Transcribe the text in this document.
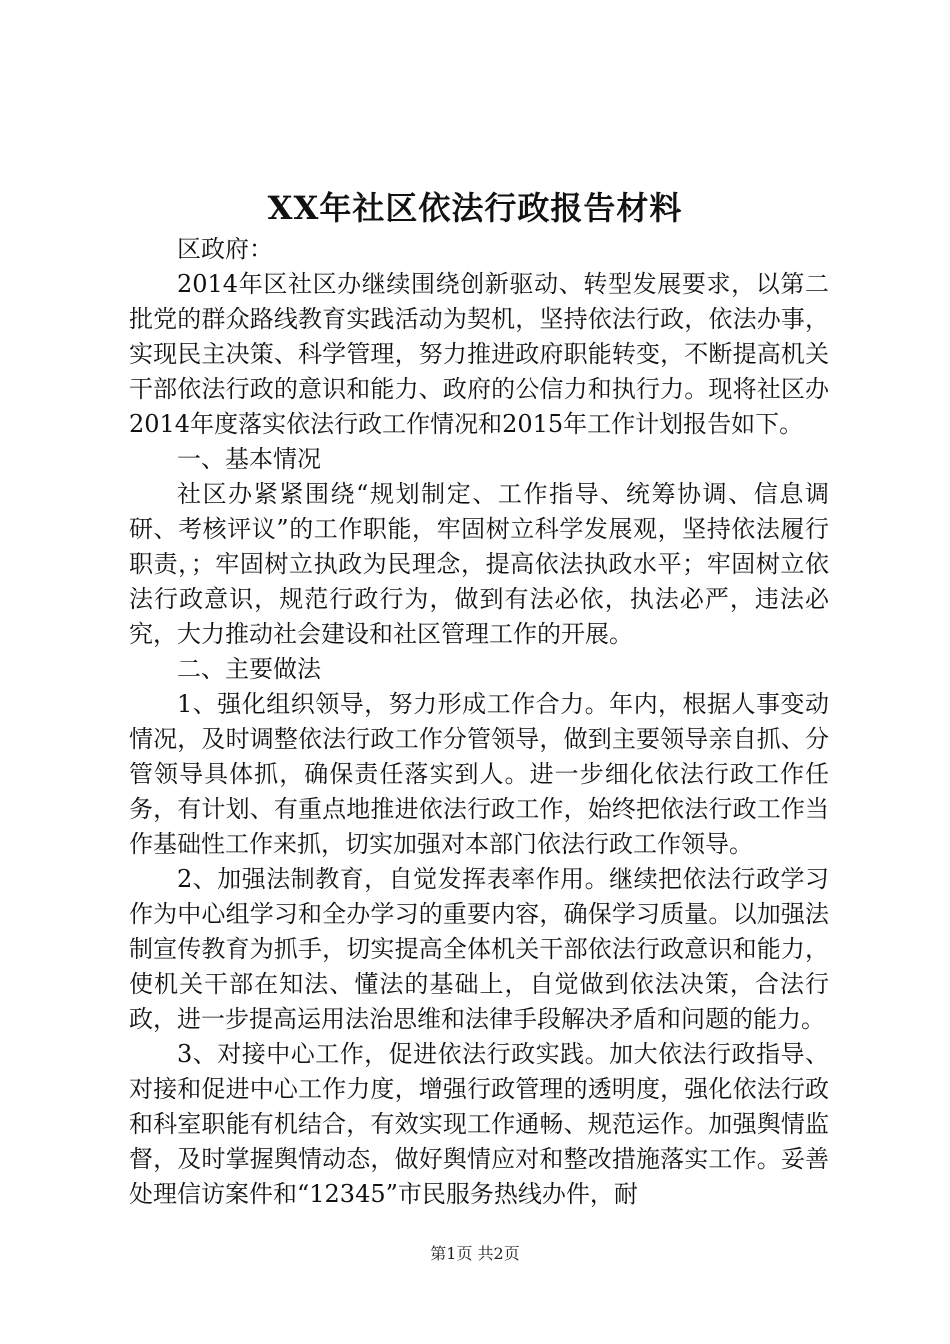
XX年社区依法行政报告材料

区政府：

2014年区社区办继续围绕创新驱动、转型发展要求，以第二批党的群众路线教育实践活动为契机，坚持依法行政，依法办事，实现民主决策、科学管理，努力推进政府职能转变，不断提高机关干部依法行政的意识和能力、政府的公信力和执行力。现将社区办2014年度落实依法行政工作情况和2015年工作计划报告如下。

一、基本情况

社区办紧紧围绕“规划制定、工作指导、统筹协调、信息调研、考核评议”的工作职能，牢固树立科学发展观，坚持依法履行职责，；牢固树立执政为民理念，提高依法执政水平；牢固树立依法行政意识，规范行政行为，做到有法必依，执法必严，违法必究，大力推动社会建设和社区管理工作的开展。

二、主要做法

1、强化组织领导，努力形成工作合力。年内，根据人事变动情况，及时调整依法行政工作分管领导，做到主要领导亲自抓、分管领导具体抓，确保责任落实到人。进一步细化依法行政工作任务，有计划、有重点地推进依法行政工作，始终把依法行政工作当作基础性工作来抓，切实加强对本部门依法行政工作领导。

2、加强法制教育，自觉发挥表率作用。继续把依法行政学习作为中心组学习和全办学习的重要内容，确保学习质量。以加强法制宣传教育为抓手，切实提高全体机关干部依法行政意识和能力，使机关干部在知法、懂法的基础上，自觉做到依法决策，合法行政，进一步提高运用法治思维和法律手段解决矛盾和问题的能力。

3、对接中心工作，促进依法行政实践。加大依法行政指导、对接和促进中心工作力度，增强行政管理的透明度，强化依法行政和科室职能有机结合，有效实现工作通畅、规范运作。加强舆情监督，及时掌握舆情动态，做好舆情应对和整改措施落实工作。妥善处理信访案件和“12345”市民服务热线办件，耐

第1页 共2页
